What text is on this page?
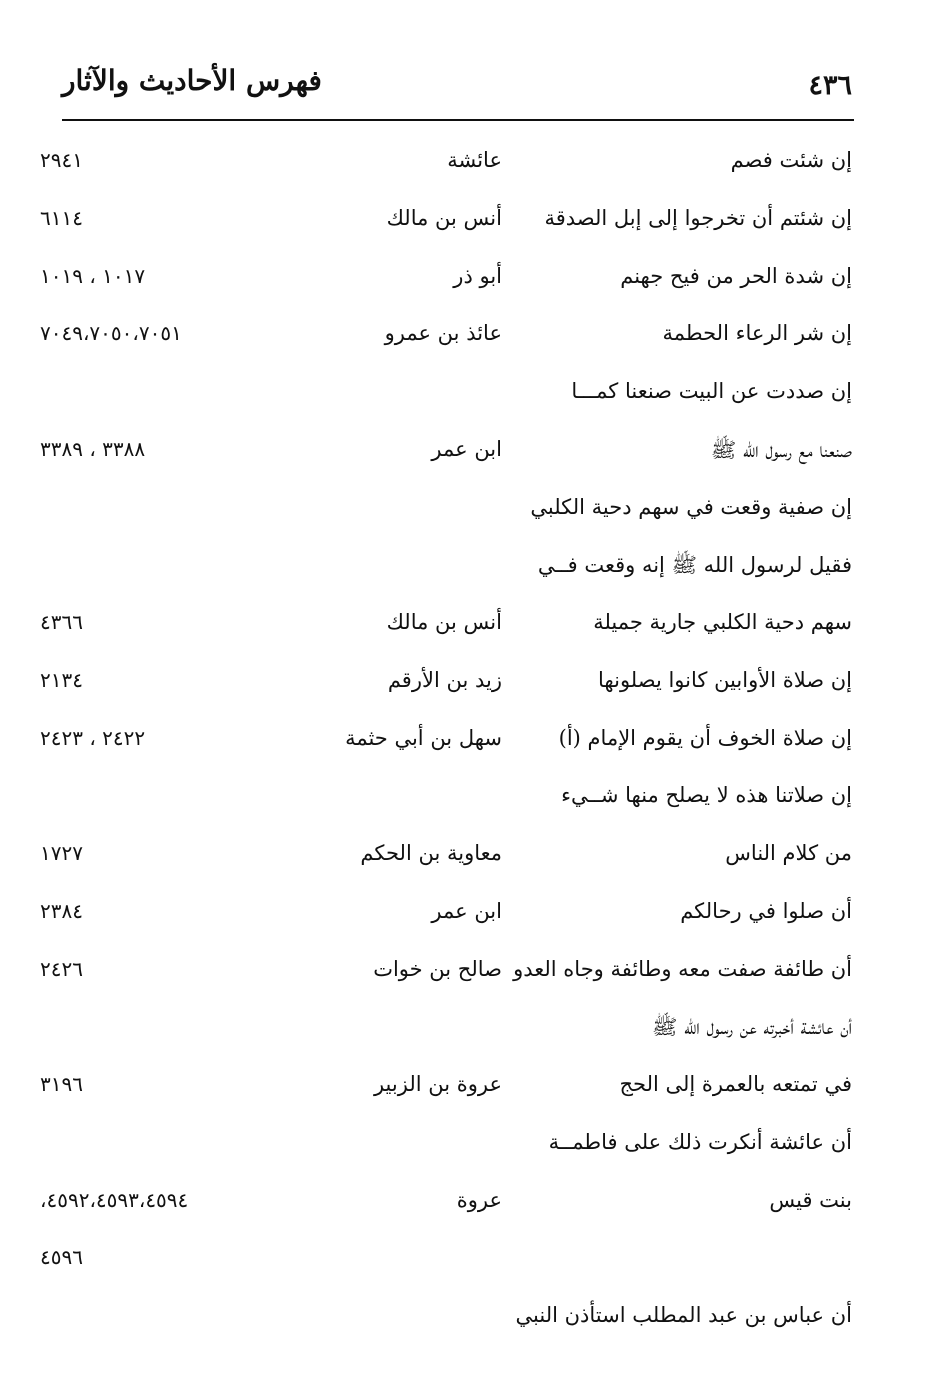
٤٣٦
فهرس الأحاديث والآثار
إن شئت فصم
عائشة
٢٩٤١
إن شئتم أن تخرجوا إلى إبل الصدقة
أنس بن مالك
٦١١٤
إن شدة الحر من فيح جهنم
أبو ذر
١٠١٧ ، ١٠١٩
إن شر الرعاء الحطمة
عائذ بن عمرو
٧٠٤٩،٧٠٥٠،٧٠٥١
إن صددت عن البيت صنعنا كمـــا
صنعنا مع رسول الله ﷺ
ابن عمر
٣٣٨٨ ، ٣٣٨٩
إن صفية وقعت في سهم دحية الكلبي
فقيل لرسول الله ﷺ إنه وقعت فــي
سهم دحية الكلبي جارية جميلة
أنس بن مالك
٤٣٦٦
إن صلاة الأوابين كانوا يصلونها
زيد بن الأرقم
٢١٣٤
إن صلاة الخوف أن يقوم الإمام (أ)
سهل بن أبي حثمة
٢٤٢٢ ، ٢٤٢٣
إن صلاتنا هذه لا يصلح منها شــيء
من كلام الناس
معاوية بن الحكم
١٧٢٧
أن صلوا في رحالكم
ابن عمر
٢٣٨٤
أن طائفة صفت معه وطائفة وجاه العدو
صالح بن خوات
٢٤٢٦
أن عائشة أخبرته عن رسول الله ﷺ
في تمتعه بالعمرة إلى الحج
عروة بن الزبير
٣١٩٦
أن عائشة أنكرت ذلك على فاطمــة
بنت قيس
عروة
٤٥٩٢،٤٥٩٣،٤٥٩٤،
٤٥٩٦
أن عباس بن عبد المطلب استأذن النبي
